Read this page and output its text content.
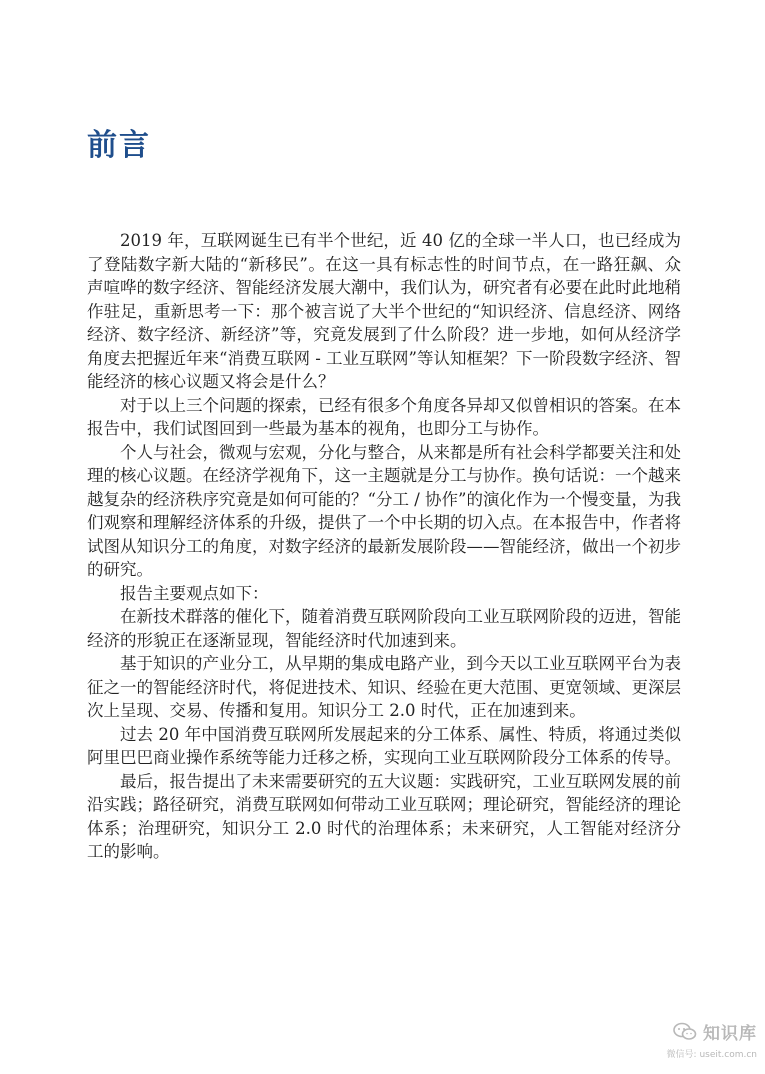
前言

2019 年，互联网诞生已有半个世纪，近 40 亿的全球一半人口，也已经成为了登陆数字新大陆的“新移民”。在这一具有标志性的时间节点，在一路狂飙、众声喧哗的数字经济、智能经济发展大潮中，我们认为，研究者有必要在此时此地稍作驻足，重新思考一下：那个被言说了大半个世纪的“知识经济、信息经济、网络经济、数字经济、新经济”等，究竟发展到了什么阶段？进一步地，如何从经济学角度去把握近年来“消费互联网 - 工业互联网”等认知框架？下一阶段数字经济、智能经济的核心议题又将会是什么？

对于以上三个问题的探索，已经有很多个角度各异却又似曾相识的答案。在本报告中，我们试图回到一些最为基本的视角，也即分工与协作。

个人与社会，微观与宏观，分化与整合，从来都是所有社会科学都要关注和处理的核心议题。在经济学视角下，这一主题就是分工与协作。换句话说：一个越来越复杂的经济秩序究竟是如何可能的？“分工 / 协作”的演化作为一个慢变量，为我们观察和理解经济体系的升级，提供了一个中长期的切入点。在本报告中，作者将试图从知识分工的角度，对数字经济的最新发展阶段——智能经济，做出一个初步的研究。

报告主要观点如下：

在新技术群落的催化下，随着消费互联网阶段向工业互联网阶段的迈进，智能经济的形貌正在逐渐显现，智能经济时代加速到来。

基于知识的产业分工，从早期的集成电路产业，到今天以工业互联网平台为表征之一的智能经济时代，将促进技术、知识、经验在更大范围、更宽领域、更深层次上呈现、交易、传播和复用。知识分工 2.0 时代，正在加速到来。

过去 20 年中国消费互联网所发展起来的分工体系、属性、特质，将通过类似阿里巴巴商业操作系统等能力迁移之桥，实现向工业互联网阶段分工体系的传导。

最后，报告提出了未来需要研究的五大议题：实践研究，工业互联网发展的前沿实践；路径研究，消费互联网如何带动工业互联网；理论研究，智能经济的理论体系；治理研究，知识分工 2.0 时代的治理体系；未来研究，人工智能对经济分工的影响。

知识库
微信号: useit.com.cn
